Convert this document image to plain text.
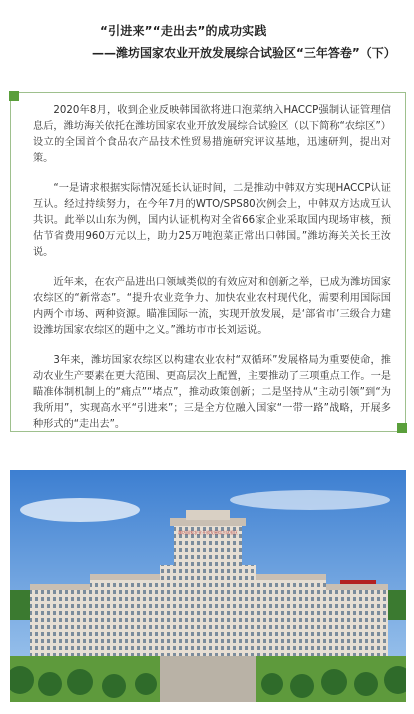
“引进来”“走出去”的成功实践
——潍坊国家农业开放发展综合试验区“三年答卷”（下）

2020年8月，收到企业反映韩国欲将进口泡菜纳入HACCP强制认证管理信息后，潍坊海关依托在潍坊国家农业开放发展综合试验区（以下简称“农综区”）设立的全国首个食品农产品技术性贸易措施研究评议基地，迅速研判，提出对策。

“一是请求根据实际情况延长认证时间，二是推动中韩双方实现HACCP认证互认。经过持续努力，在今年7月的WTO/SPS80次例会上，中韩双方达成互认共识。此举以山东为例，国内认证机构对全省66家企业采取国内现场审核，预估节省费用960万元以上，助力25万吨泡菜正常出口韩国。”潍坊海关关长王汝说。

近年来，在农产品进出口领域类似的有效应对和创新之举，已成为潍坊国家农综区的“新常态”。“提升农业竞争力、加快农业农村现代化，需要利用国际国内两个市场、两种资源。瞄准国际一流，实现开放发展，是‘部省市’三级合力建设潍坊国家农综区的题中之义。”潍坊市市长刘运说。

3年来，潍坊国家农综区以构建农业农村“双循环”发展格局为重要使命，推动农业生产要素在更大范围、更高层次上配置，主要推动了三项重点工作。一是瞄准体制机制上的“痛点”“堵点”，推动政策创新；二是坚持从“主动引领”到“为我所用”，实现高水平“引进来”；三是全方位融入国家“一带一路”战略，开展多种形式的“走出去”。

潍坊国家农业开放发展综合试验区
